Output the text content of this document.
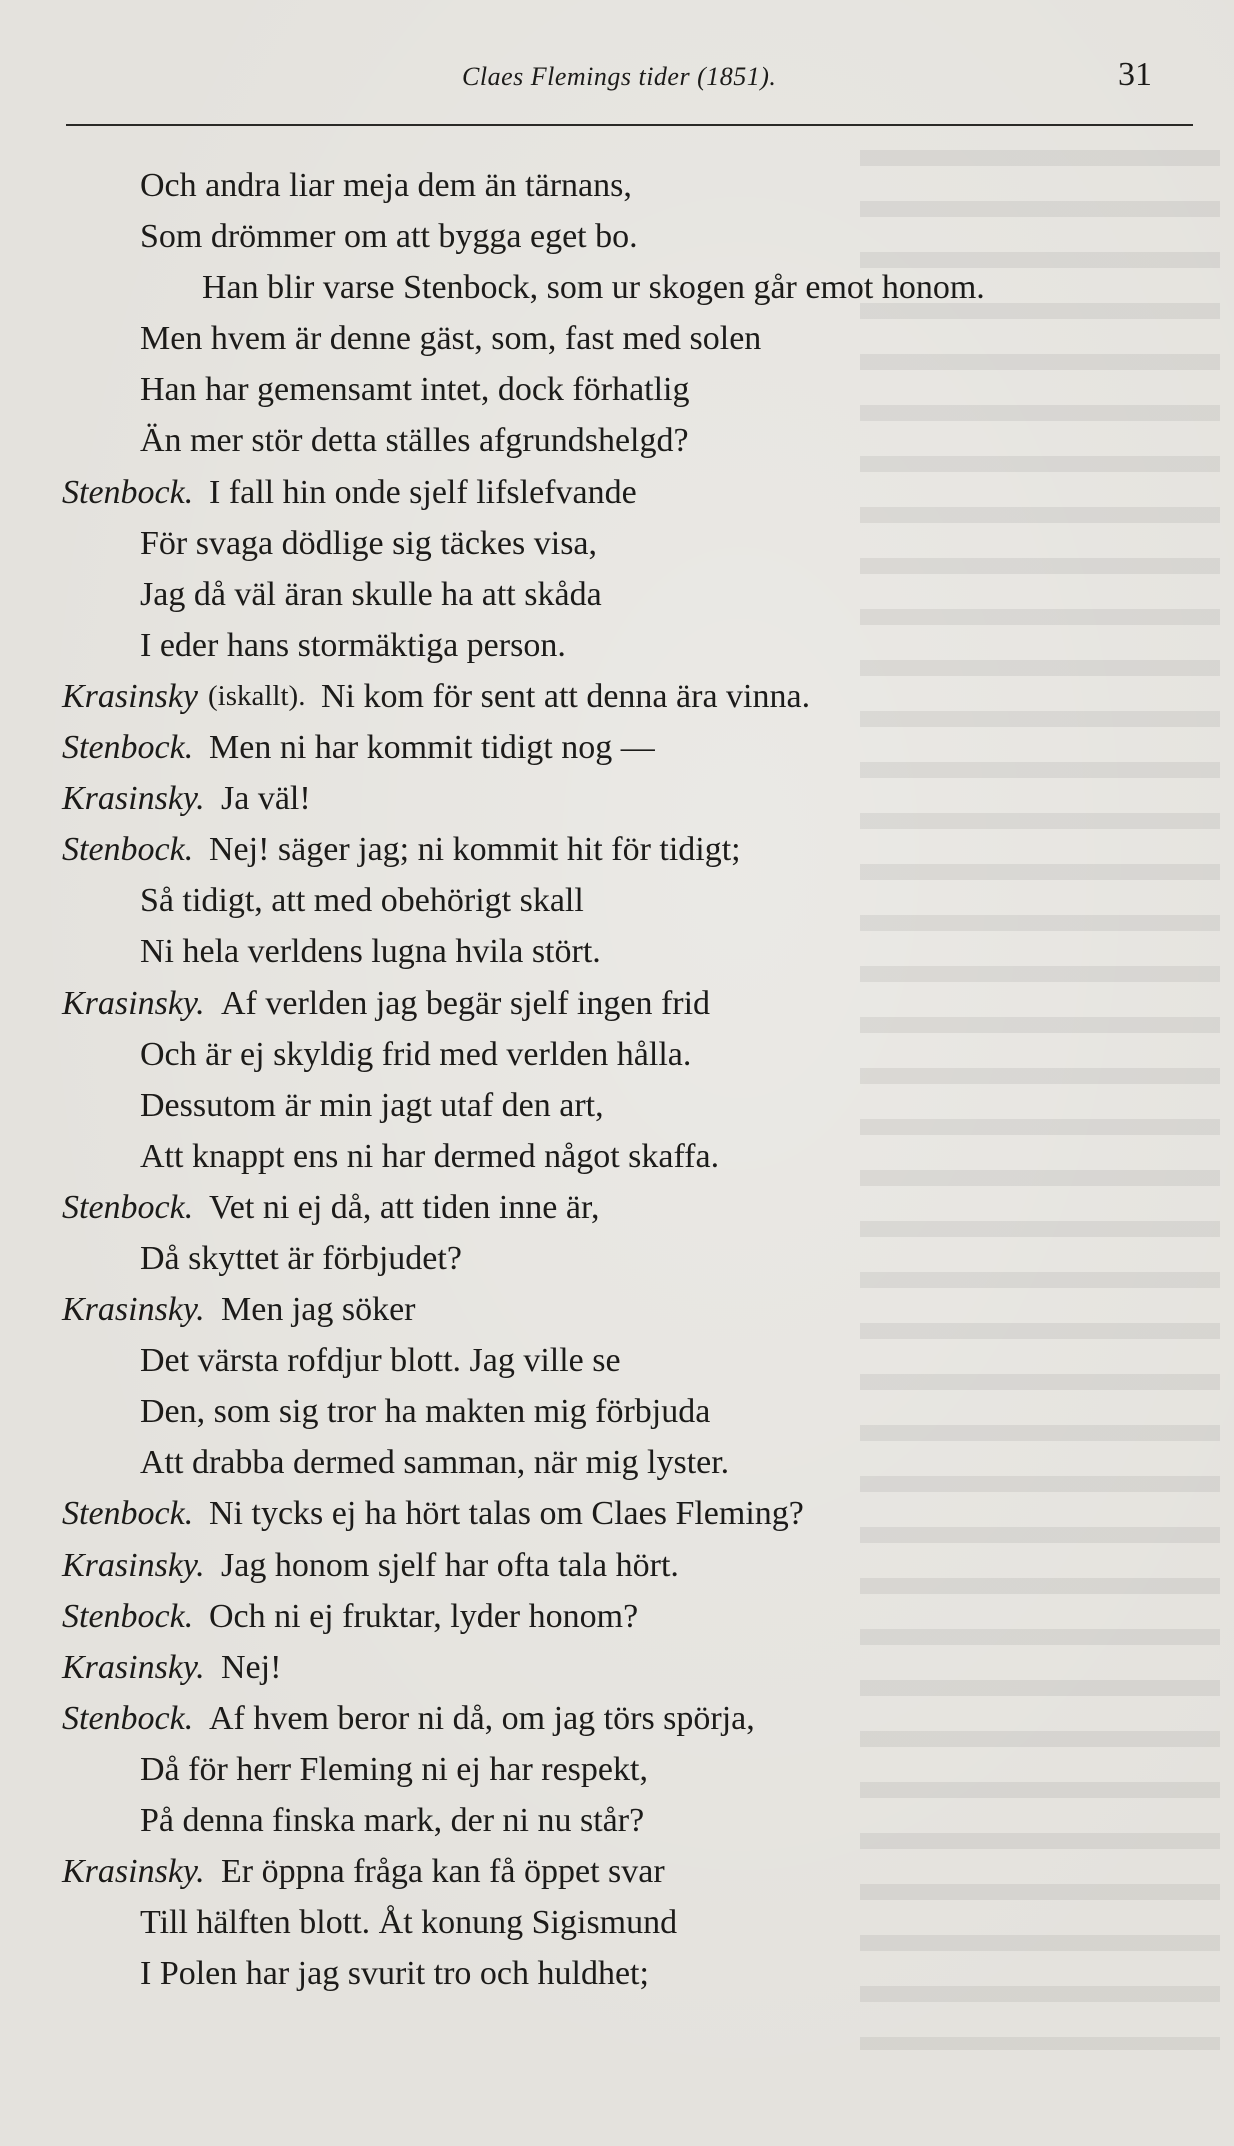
Claes Flemings tider (1851).	31
Och andra liar meja dem än tärnans,
Som drömmer om att bygga eget bo.
Han blir varse Stenbock, som ur skogen går emot honom.
Men hvem är denne gäst, som, fast med solen
Han har gemensamt intet, dock förhatlig
Än mer stör detta ställes afgrundshelgd?
Stenbock. I fall hin onde sjelf lifslefvande
För svaga dödlige sig täckes visa,
Jag då väl äran skulle ha att skåda
I eder hans stormäktiga person.
Krasinsky (iskallt). Ni kom för sent att denna ära vinna.
Stenbock. Men ni har kommit tidigt nog —
Krasinsky. Ja väl!
Stenbock. Nej! säger jag; ni kommit hit för tidigt;
Så tidigt, att med obehörigt skall
Ni hela verldens lugna hvila stört.
Krasinsky. Af verlden jag begär sjelf ingen frid
Och är ej skyldig frid med verlden hålla.
Dessutom är min jagt utaf den art,
Att knappt ens ni har dermed något skaffa.
Stenbock. Vet ni ej då, att tiden inne är,
Då skyttet är förbjudet?
Krasinsky. Men jag söker
Det värsta rofdjur blott. Jag ville se
Den, som sig tror ha makten mig förbjuda
Att drabba dermed samman, när mig lyster.
Stenbock. Ni tycks ej ha hört talas om Claes Fleming?
Krasinsky. Jag honom sjelf har ofta tala hört.
Stenbock. Och ni ej fruktar, lyder honom?
Krasinsky. Nej!
Stenbock. Af hvem beror ni då, om jag törs spörja,
Då för herr Fleming ni ej har respekt,
På denna finska mark, der ni nu står?
Krasinsky. Er öppna fråga kan få öppet svar
Till hälften blott. Åt konung Sigismund
I Polen har jag svurit tro och huldhet;
